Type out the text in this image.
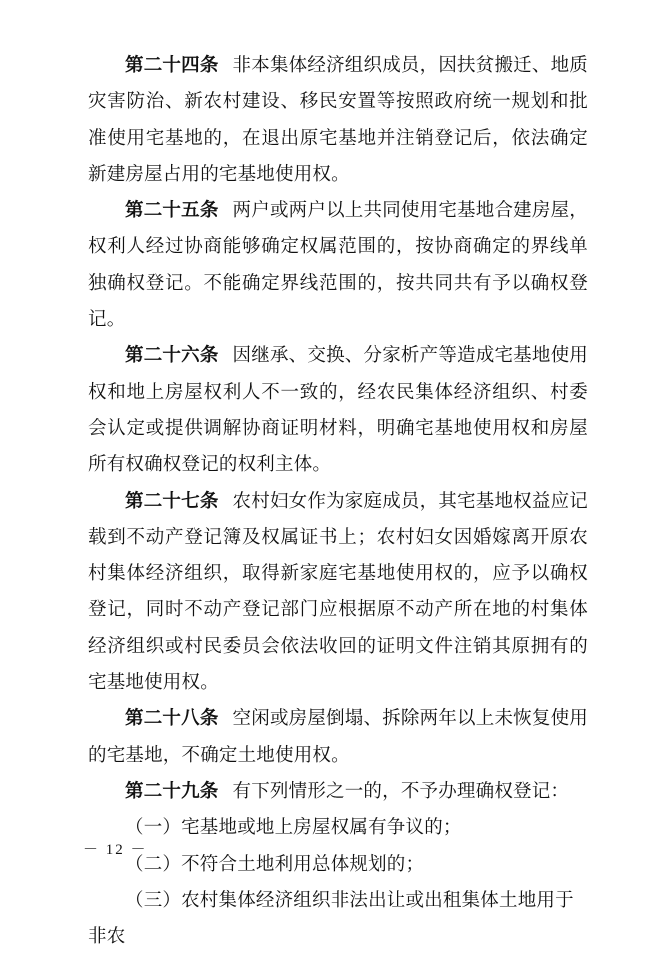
第二十四条 非本集体经济组织成员，因扶贫搬迁、地质灾害防治、新农村建设、移民安置等按照政府统一规划和批准使用宅基地的，在退出原宅基地并注销登记后，依法确定新建房屋占用的宅基地使用权。

第二十五条 两户或两户以上共同使用宅基地合建房屋，权利人经过协商能够确定权属范围的，按协商确定的界线单独确权登记。不能确定界线范围的，按共同共有予以确权登记。

第二十六条 因继承、交换、分家析产等造成宅基地使用权和地上房屋权利人不一致的，经农民集体经济组织、村委会认定或提供调解协商证明材料，明确宅基地使用权和房屋所有权确权登记的权利主体。

第二十七条 农村妇女作为家庭成员，其宅基地权益应记载到不动产登记簿及权属证书上；农村妇女因婚嫁离开原农村集体经济组织，取得新家庭宅基地使用权的，应予以确权登记，同时不动产登记部门应根据原不动产所在地的村集体经济组织或村民委员会依法收回的证明文件注销其原拥有的宅基地使用权。

第二十八条 空闲或房屋倒塌、拆除两年以上未恢复使用的宅基地，不确定土地使用权。

第二十九条 有下列情形之一的，不予办理确权登记：

（一）宅基地或地上房屋权属有争议的；

（二）不符合土地利用总体规划的；

（三）农村集体经济组织非法出让或出租集体土地用于非农

－ 12 －
